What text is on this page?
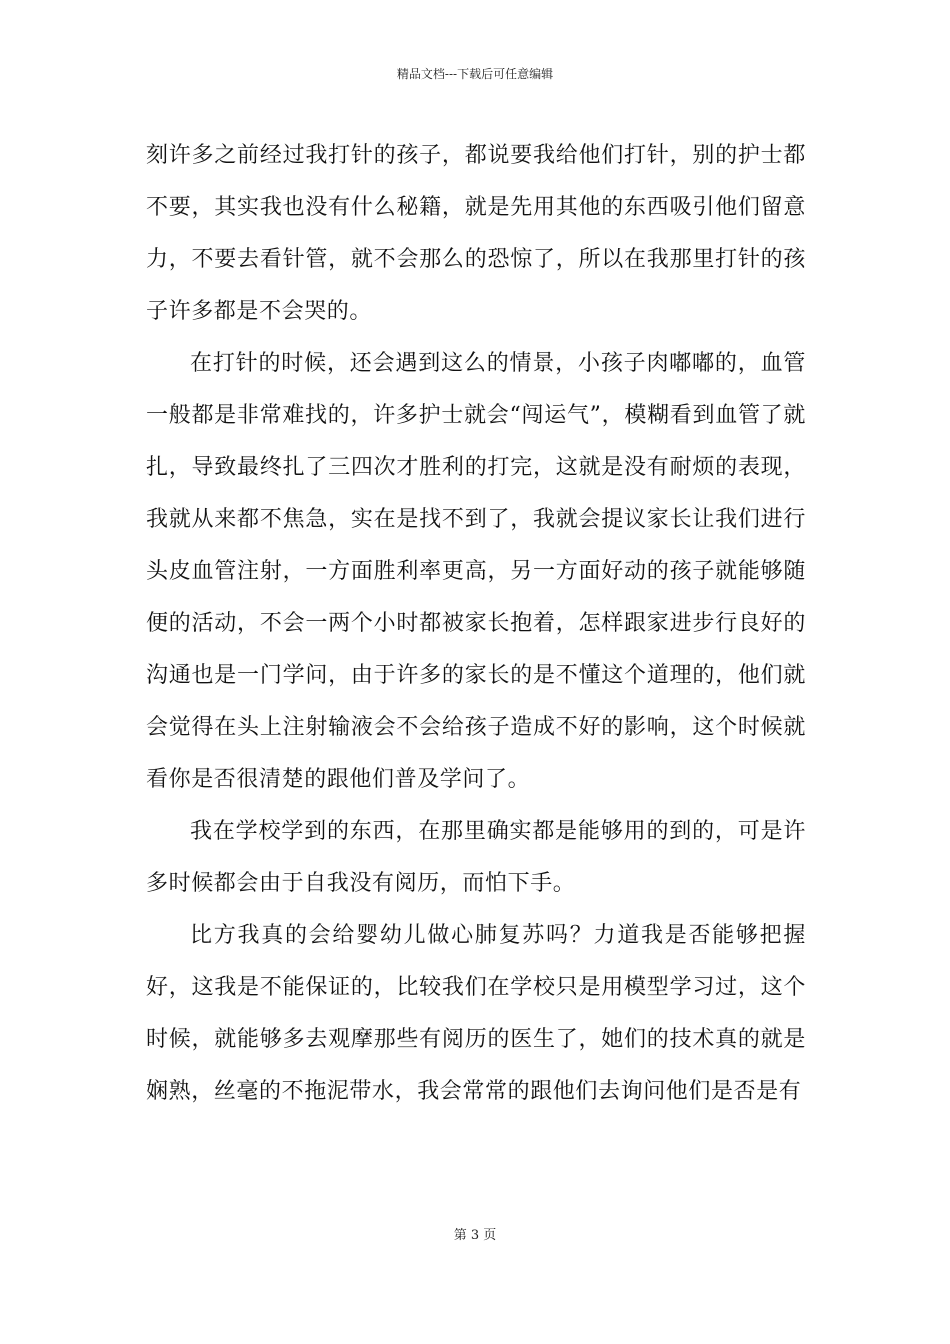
精品文档---下载后可任意编辑

刻许多之前经过我打针的孩子，都说要我给他们打针，别的护士都不要，其实我也没有什么秘籍，就是先用其他的东西吸引他们留意力，不要去看针管，就不会那么的恐惊了，所以在我那里打针的孩子许多都是不会哭的。

在打针的时候，还会遇到这么的情景，小孩子肉嘟嘟的，血管一般都是非常难找的，许多护士就会“闯运气”，模糊看到血管了就扎，导致最终扎了三四次才胜利的打完，这就是没有耐烦的表现，我就从来都不焦急，实在是找不到了，我就会提议家长让我们进行头皮血管注射，一方面胜利率更高，另一方面好动的孩子就能够随便的活动，不会一两个小时都被家长抱着，怎样跟家进步行良好的沟通也是一门学问，由于许多的家长的是不懂这个道理的，他们就会觉得在头上注射输液会不会给孩子造成不好的影响，这个时候就看你是否很清楚的跟他们普及学问了。

我在学校学到的东西，在那里确实都是能够用的到的，可是许多时候都会由于自我没有阅历，而怕下手。

比方我真的会给婴幼儿做心肺复苏吗？力道我是否能够把握好，这我是不能保证的，比较我们在学校只是用模型学习过，这个时候，就能够多去观摩那些有阅历的医生了，她们的技术真的就是娴熟，丝毫的不拖泥带水，我会常常的跟他们去询问他们是否是有

第 3 页
